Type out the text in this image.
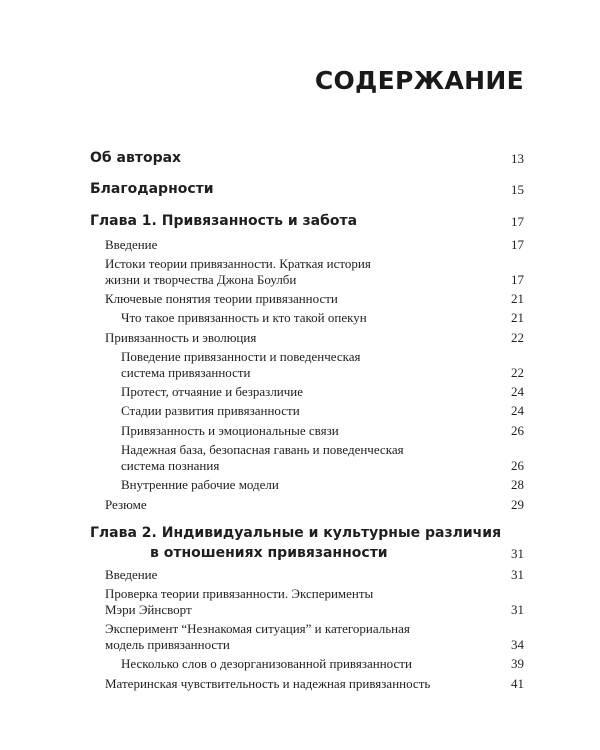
СОДЕРЖАНИЕ
Об авторах	13
Благодарности	15
Глава 1. Привязанность и забота	17
Введение	17
Истоки теории привязанности. Краткая история
жизни и творчества Джона Боулби	17
Ключевые понятия теории привязанности	21
Что такое привязанность и кто такой опекун	21
Привязанность и эволюция	22
Поведение привязанности и поведенческая
система привязанности	22
Протест, отчаяние и безразличие	24
Стадии развития привязанности	24
Привязанность и эмоциональные связи	26
Надежная база, безопасная гавань и поведенческая
система познания	26
Внутренние рабочие модели	28
Резюме	29
Глава 2. Индивидуальные и культурные различия
в отношениях привязанности	31
Введение	31
Проверка теории привязанности. Эксперименты
Мэри Эйнсворт	31
Эксперимент “Незнакомая ситуация” и категориальная
модель привязанности	34
Несколько слов о дезорганизованной привязанности	39
Материнская чувствительность и надежная привязанность	41
